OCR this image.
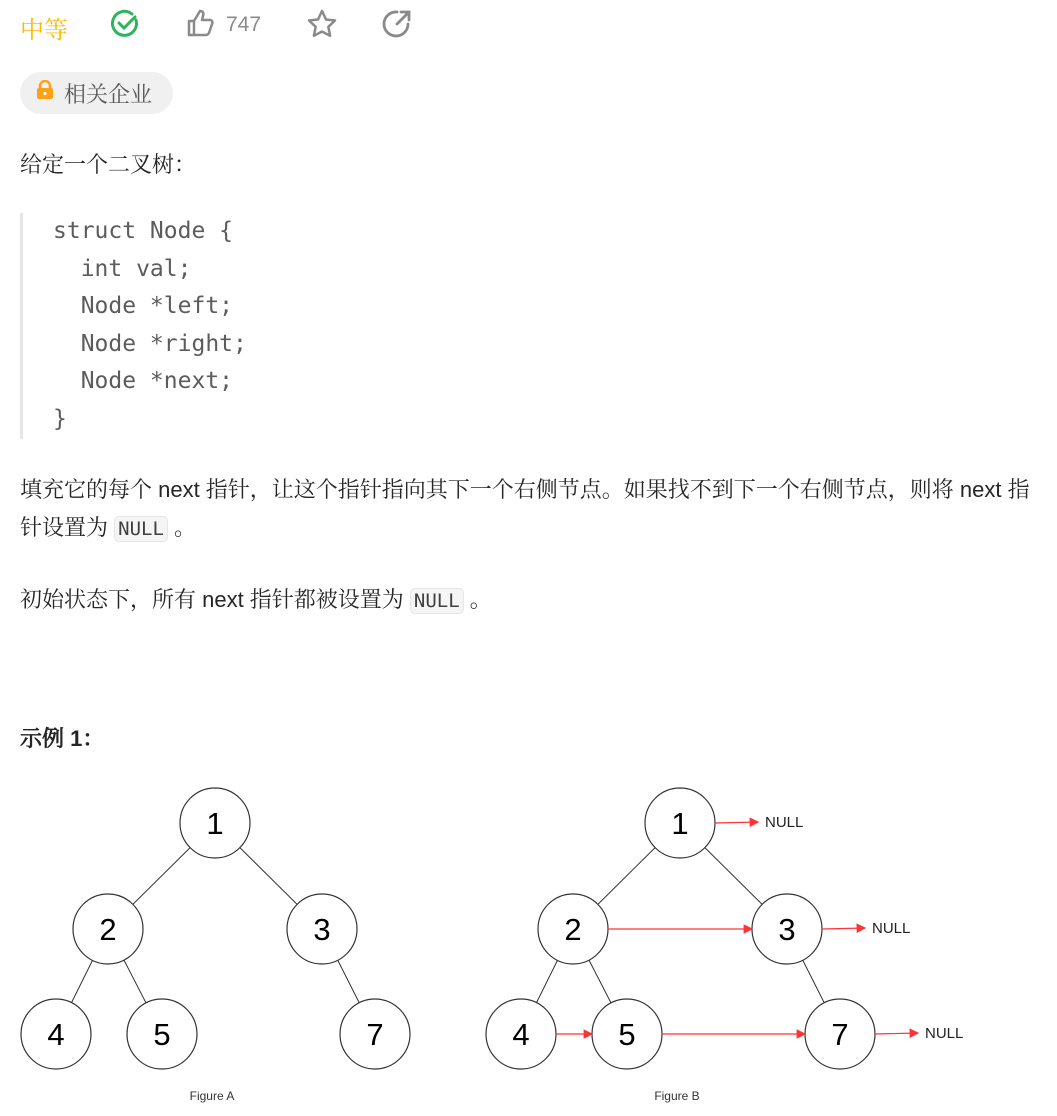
中等	747
相关企业
给定一个二叉树：
struct Node {
int val;
Node *left;
Node *right;
Node *next;
}
填充它的每个 next 指针，让这个指针指向其下一个右侧节点。如果找不到下一个右侧节点，则将 next 指针设置为 NULL 。
初始状态下，所有 next 指针都被设置为 NULL 。
示例 1：
1
2	3
4	5	7
Figure A
1
2	3
4	5	7
NULL
NULL
NULL
Figure B
